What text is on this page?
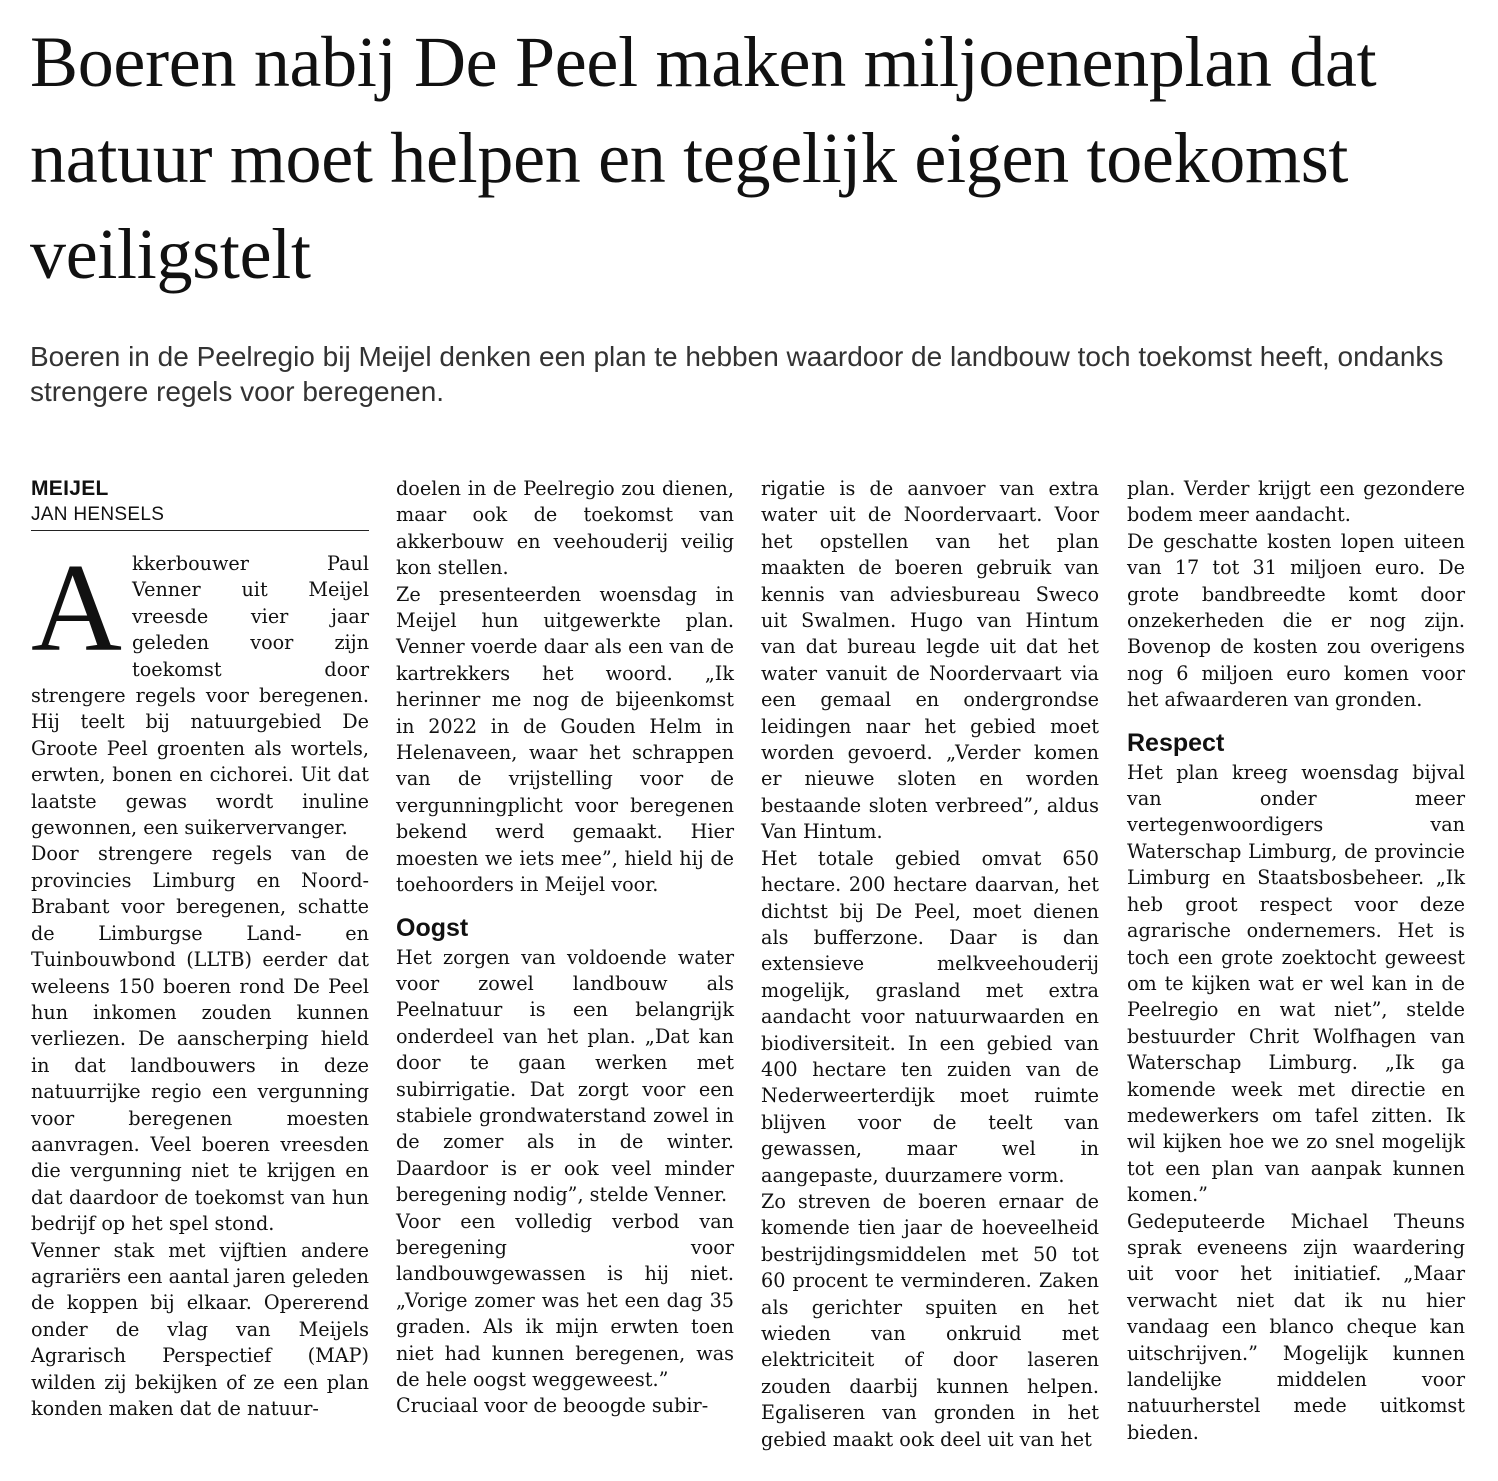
Boeren nabij De Peel maken miljoenenplan dat natuur moet helpen en tegelijk eigen toekomst veiligstelt

Boeren in de Peelregio bij Meijel denken een plan te hebben waardoor de landbouw toch toekomst heeft, ondanks strengere regels voor beregenen.

MEIJEL
JAN HENSELS

Akkerbouwer Paul Venner uit Meijel vreesde vier jaar geleden voor zijn toekomst door strengere regels voor beregenen. Hij teelt bij natuurgebied De Groote Peel groenten als wortels, erwten, bonen en cichorei. Uit dat laatste gewas wordt inuline gewonnen, een suikervervanger.

Door strengere regels van de provincies Limburg en Noord-Brabant voor beregenen, schatte de Limburgse Land- en Tuinbouwbond (LLTB) eerder dat weleens 150 boeren rond De Peel hun inkomen zouden kunnen verliezen. De aanscherping hield in dat landbouwers in deze natuurrijke regio een vergunning voor beregenen moesten aanvragen. Veel boeren vreesden die vergunning niet te krijgen en dat daardoor de toekomst van hun bedrijf op het spel stond.

Venner stak met vijftien andere agrariërs een aantal jaren geleden de koppen bij elkaar. Opererend onder de vlag van Meijels Agrarisch Perspectief (MAP) wilden zij bekijken of ze een plan konden maken dat de natuur-

doelen in de Peelregio zou dienen, maar ook de toekomst van akkerbouw en veehouderij veilig kon stellen.

Ze presenteerden woensdag in Meijel hun uitgewerkte plan. Venner voerde daar als een van de kartrekkers het woord. „Ik herinner me nog de bijeenkomst in 2022 in de Gouden Helm in Helenaveen, waar het schrappen van de vrijstelling voor de vergunningplicht voor beregenen bekend werd gemaakt. Hier moesten we iets mee”, hield hij de toehoorders in Meijel voor.

Oogst

Het zorgen van voldoende water voor zowel landbouw als Peelnatuur is een belangrijk onderdeel van het plan. „Dat kan door te gaan werken met subirrigatie. Dat zorgt voor een stabiele grondwaterstand zowel in de zomer als in de winter. Daardoor is er ook veel minder beregening nodig”, stelde Venner.

Voor een volledig verbod van beregening voor landbouwgewassen is hij niet. „Vorige zomer was het een dag 35 graden. Als ik mijn erwten toen niet had kunnen beregenen, was de hele oogst weggeweest.”

Cruciaal voor de beoogde subir-

rigatie is de aanvoer van extra water uit de Noordervaart. Voor het opstellen van het plan maakten de boeren gebruik van kennis van adviesbureau Sweco uit Swalmen. Hugo van Hintum van dat bureau legde uit dat het water vanuit de Noordervaart via een gemaal en ondergrondse leidingen naar het gebied moet worden gevoerd. „Verder komen er nieuwe sloten en worden bestaande sloten verbreed”, aldus Van Hintum.

Het totale gebied omvat 650 hectare. 200 hectare daarvan, het dichtst bij De Peel, moet dienen als bufferzone. Daar is dan extensieve melkveehouderij mogelijk, grasland met extra aandacht voor natuurwaarden en biodiversiteit. In een gebied van 400 hectare ten zuiden van de Nederweerterdijk moet ruimte blijven voor de teelt van gewassen, maar wel in aangepaste, duurzamere vorm.

Zo streven de boeren ernaar de komende tien jaar de hoeveelheid bestrijdingsmiddelen met 50 tot 60 procent te verminderen. Zaken als gerichter spuiten en het wieden van onkruid met elektriciteit of door laseren zouden daarbij kunnen helpen. Egaliseren van gronden in het gebied maakt ook deel uit van het

plan. Verder krijgt een gezondere bodem meer aandacht.

De geschatte kosten lopen uiteen van 17 tot 31 miljoen euro. De grote bandbreedte komt door onzekerheden die er nog zijn. Bovenop de kosten zou overigens nog 6 miljoen euro komen voor het afwaarderen van gronden.

Respect

Het plan kreeg woensdag bijval van onder meer vertegenwoordigers van Waterschap Limburg, de provincie Limburg en Staatsbosbeheer. „Ik heb groot respect voor deze agrarische ondernemers. Het is toch een grote zoektocht geweest om te kijken wat er wel kan in de Peelregio en wat niet”, stelde bestuurder Chrit Wolfhagen van Waterschap Limburg. „Ik ga komende week met directie en medewerkers om tafel zitten. Ik wil kijken hoe we zo snel mogelijk tot een plan van aanpak kunnen komen.”

Gedeputeerde Michael Theuns sprak eveneens zijn waardering uit voor het initiatief. „Maar verwacht niet dat ik nu hier vandaag een blanco cheque kan uitschrijven.” Mogelijk kunnen landelijke middelen voor natuurherstel mede uitkomst bieden.
